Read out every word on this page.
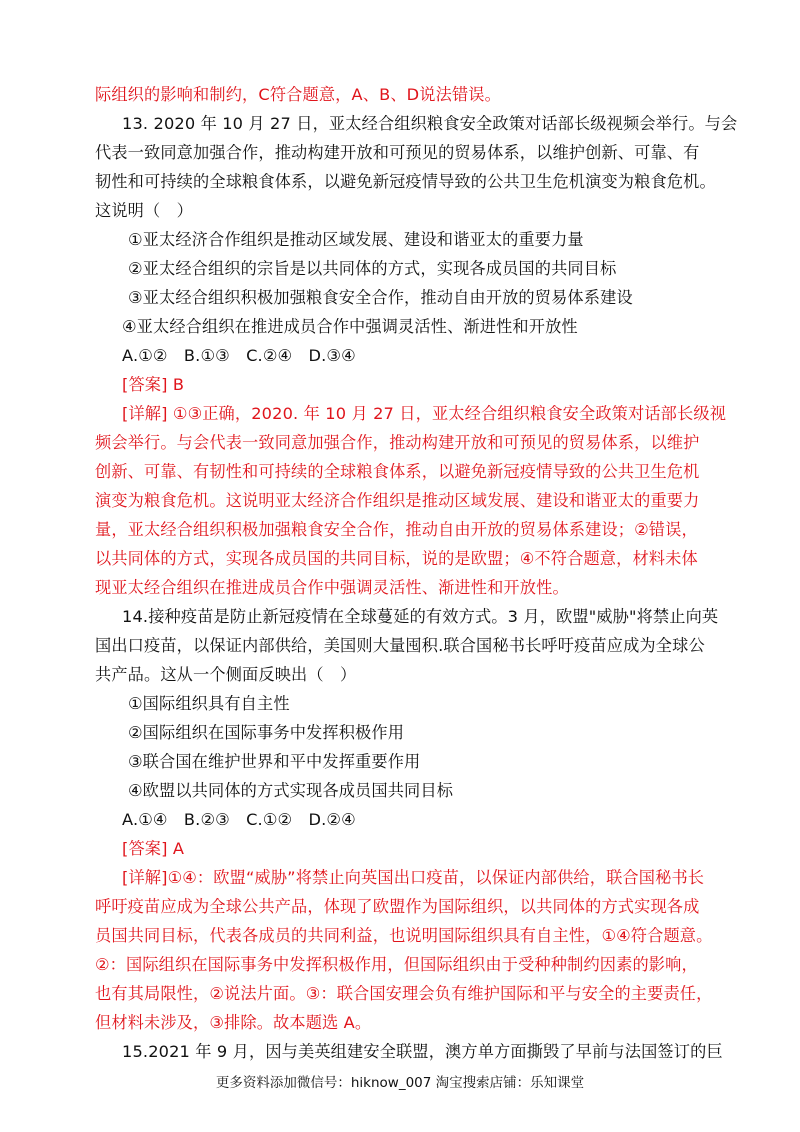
际组织的影响和制约，C符合题意，A、B、D说法错误。
13. 2020 年 10 月 27 日，亚太经合组织粮食安全政策对话部长级视频会举行。与会
代表一致同意加强合作，推动构建开放和可预见的贸易体系，以维护创新、可靠、有
韧性和可持续的全球粮食体系，以避免新冠疫情导致的公共卫生危机演变为粮食危机。
这说明（　）
①亚太经济合作组织是推动区域发展、建设和谐亚太的重要力量
②亚太经合组织的宗旨是以共同体的方式，实现各成员国的共同目标
③亚太经合组织积极加强粮食安全合作，推动自由开放的贸易体系建设
④亚太经合组织在推进成员合作中强调灵活性、渐进性和开放性
A.①②　B.①③　C.②④　D.③④
[答案] B
[详解] ①③正确，2020. 年 10 月 27 日，亚太经合组织粮食安全政策对话部长级视
频会举行。与会代表一致同意加强合作，推动构建开放和可预见的贸易体系，以维护
创新、可靠、有韧性和可持续的全球粮食体系，以避免新冠疫情导致的公共卫生危机
演变为粮食危机。这说明亚太经济合作组织是推动区域发展、建设和谐亚太的重要力
量，亚太经合组织积极加强粮食安全合作，推动自由开放的贸易体系建设；②错误，
以共同体的方式，实现各成员国的共同目标，说的是欧盟；④不符合题意，材料未体
现亚太经合组织在推进成员合作中强调灵活性、渐进性和开放性。
14.接种疫苗是防止新冠疫情在全球蔓延的有效方式。3 月，欧盟"威胁"将禁止向英
国出口疫苗，以保证内部供给，美国则大量囤积.联合国秘书长呼吁疫苗应成为全球公
共产品。这从一个侧面反映出（　）
①国际组织具有自主性
②国际组织在国际事务中发挥积极作用
③联合国在维护世界和平中发挥重要作用
④欧盟以共同体的方式实现各成员国共同目标
A.①④　B.②③　C.①②　D.②④
[答案] A
[详解]①④：欧盟“威胁”将禁止向英国出口疫苗，以保证内部供给，联合国秘书长
呼吁疫苗应成为全球公共产品，体现了欧盟作为国际组织，以共同体的方式实现各成
员国共同目标，代表各成员的共同利益，也说明国际组织具有自主性，①④符合题意。
②：国际组织在国际事务中发挥积极作用，但国际组织由于受种种制约因素的影响，
也有其局限性，②说法片面。③：联合国安理会负有维护国际和平与安全的主要责任，
但材料未涉及，③排除。故本题选 A。
15.2021 年 9 月，因与美英组建安全联盟，澳方单方面撕毁了早前与法国签订的巨
更多资料添加微信号：hiknow_007 淘宝搜索店铺：乐知课堂
